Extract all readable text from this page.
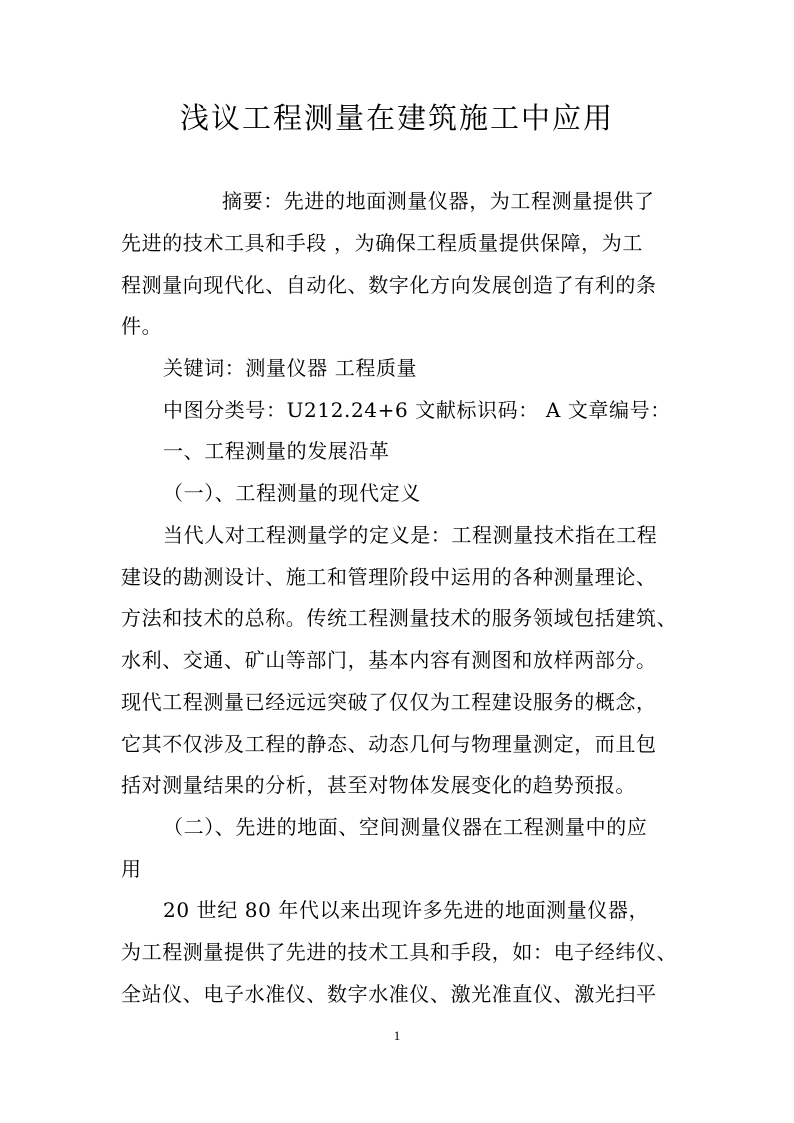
浅议工程测量在建筑施工中应用
摘要：先进的地面测量仪器，为工程测量提供了
先进的技术工具和手段 ，为确保工程质量提供保障，为工
程测量向现代化、自动化、数字化方向发展创造了有利的条
件。
关键词：测量仪器 工程质量
中图分类号：U212.24+6 文献标识码： A 文章编号：
一、工程测量的发展沿革
（一）、工程测量的现代定义
当代人对工程测量学的定义是：工程测量技术指在工程
建设的勘测设计、施工和管理阶段中运用的各种测量理论、
方法和技术的总称。传统工程测量技术的服务领域包括建筑、
水利、交通、矿山等部门，基本内容有测图和放样两部分。
现代工程测量已经远远突破了仅仅为工程建设服务的概念，
它其不仅涉及工程的静态、动态几何与物理量测定，而且包
括对测量结果的分析，甚至对物体发展变化的趋势预报。
（二）、先进的地面、空间测量仪器在工程测量中的应
用
20 世纪 80 年代以来出现许多先进的地面测量仪器，
为工程测量提供了先进的技术工具和手段，如：电子经纬仪、
全站仪、电子水准仪、数字水准仪、激光准直仪、激光扫平
1
